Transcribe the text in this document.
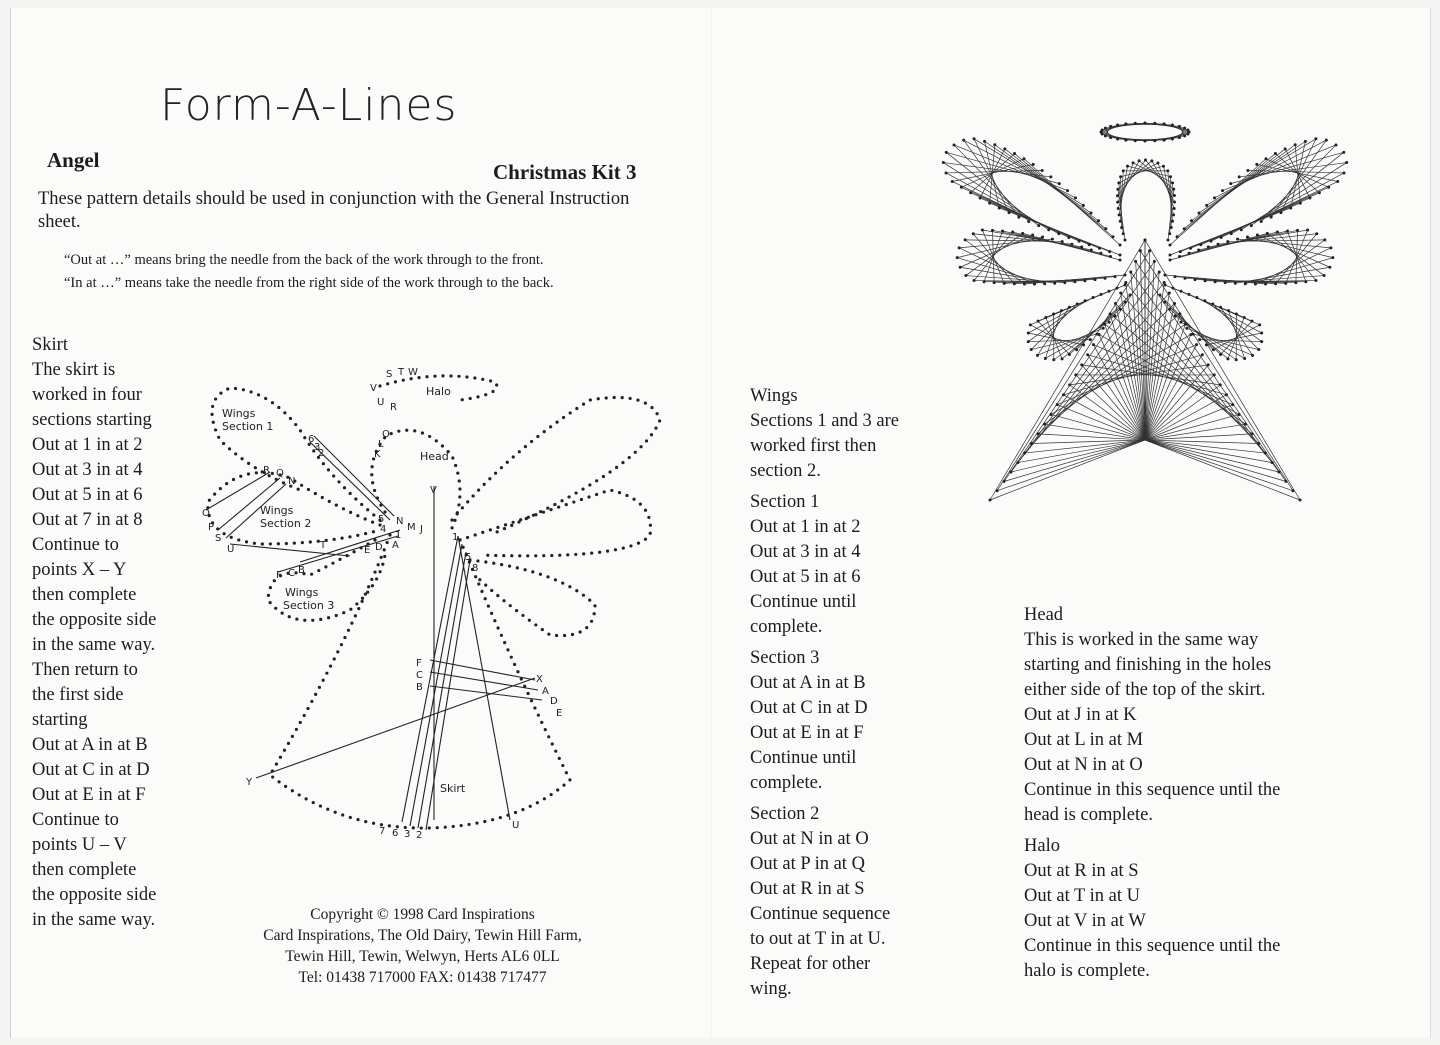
Form-A-Lines
Angel	Christmas Kit 3
These pattern details should be used in conjunction with the General Instruction sheet.
“Out at …” means bring the needle from the back of the work through to the front.
“In at …” means take the needle from the right side of the work through to the back.
Skirt
The skirt is
worked in four
sections starting
Out at 1 in at 2
Out at 3 in at 4
Out at 5 in at 6
Out at 7 in at 8
Continue to
points X – Y
then complete
the opposite side
in the same way.
Then return to
the first side
starting
Out at A in at B
Out at C in at D
Out at E in at F
Continue to
points U – V
then complete
the opposite side
in the same way.
Wings
Section 1
Wings
Section 2
Wings
Section 3
Halo
Head
Skirt
S T W
V
U R
O
L
K
6
3
2
R Q
N
O
P
S
U
5
4
N
M J
1
E D A
T
F C B
V
1
5
8
F
C
B
X
A
D
E
Y
U
7 6 3 2
Copyright © 1998 Card Inspirations
Card Inspirations, The Old Dairy, Tewin Hill Farm,
Tewin Hill, Tewin, Welwyn, Herts AL6 0LL
Tel: 01438 717000 FAX: 01438 717477
Wings
Sections 1 and 3 are
worked first then
section 2.
Section 1
Out at 1 in at 2
Out at 3 in at 4
Out at 5 in at 6
Continue until
complete.
Section 3
Out at A in at B
Out at C in at D
Out at E in at F
Continue until
complete.
Section 2
Out at N in at O
Out at P in at Q
Out at R in at S
Continue sequence
to out at T in at U.
Repeat for other
wing.
Head
This is worked in the same way
starting and finishing in the holes
either side of the top of the skirt.
Out at J in at K
Out at L in at M
Out at N in at O
Continue in this sequence until the
head is complete.
Halo
Out at R in at S
Out at T in at U
Out at V in at W
Continue in this sequence until the
halo is complete.
